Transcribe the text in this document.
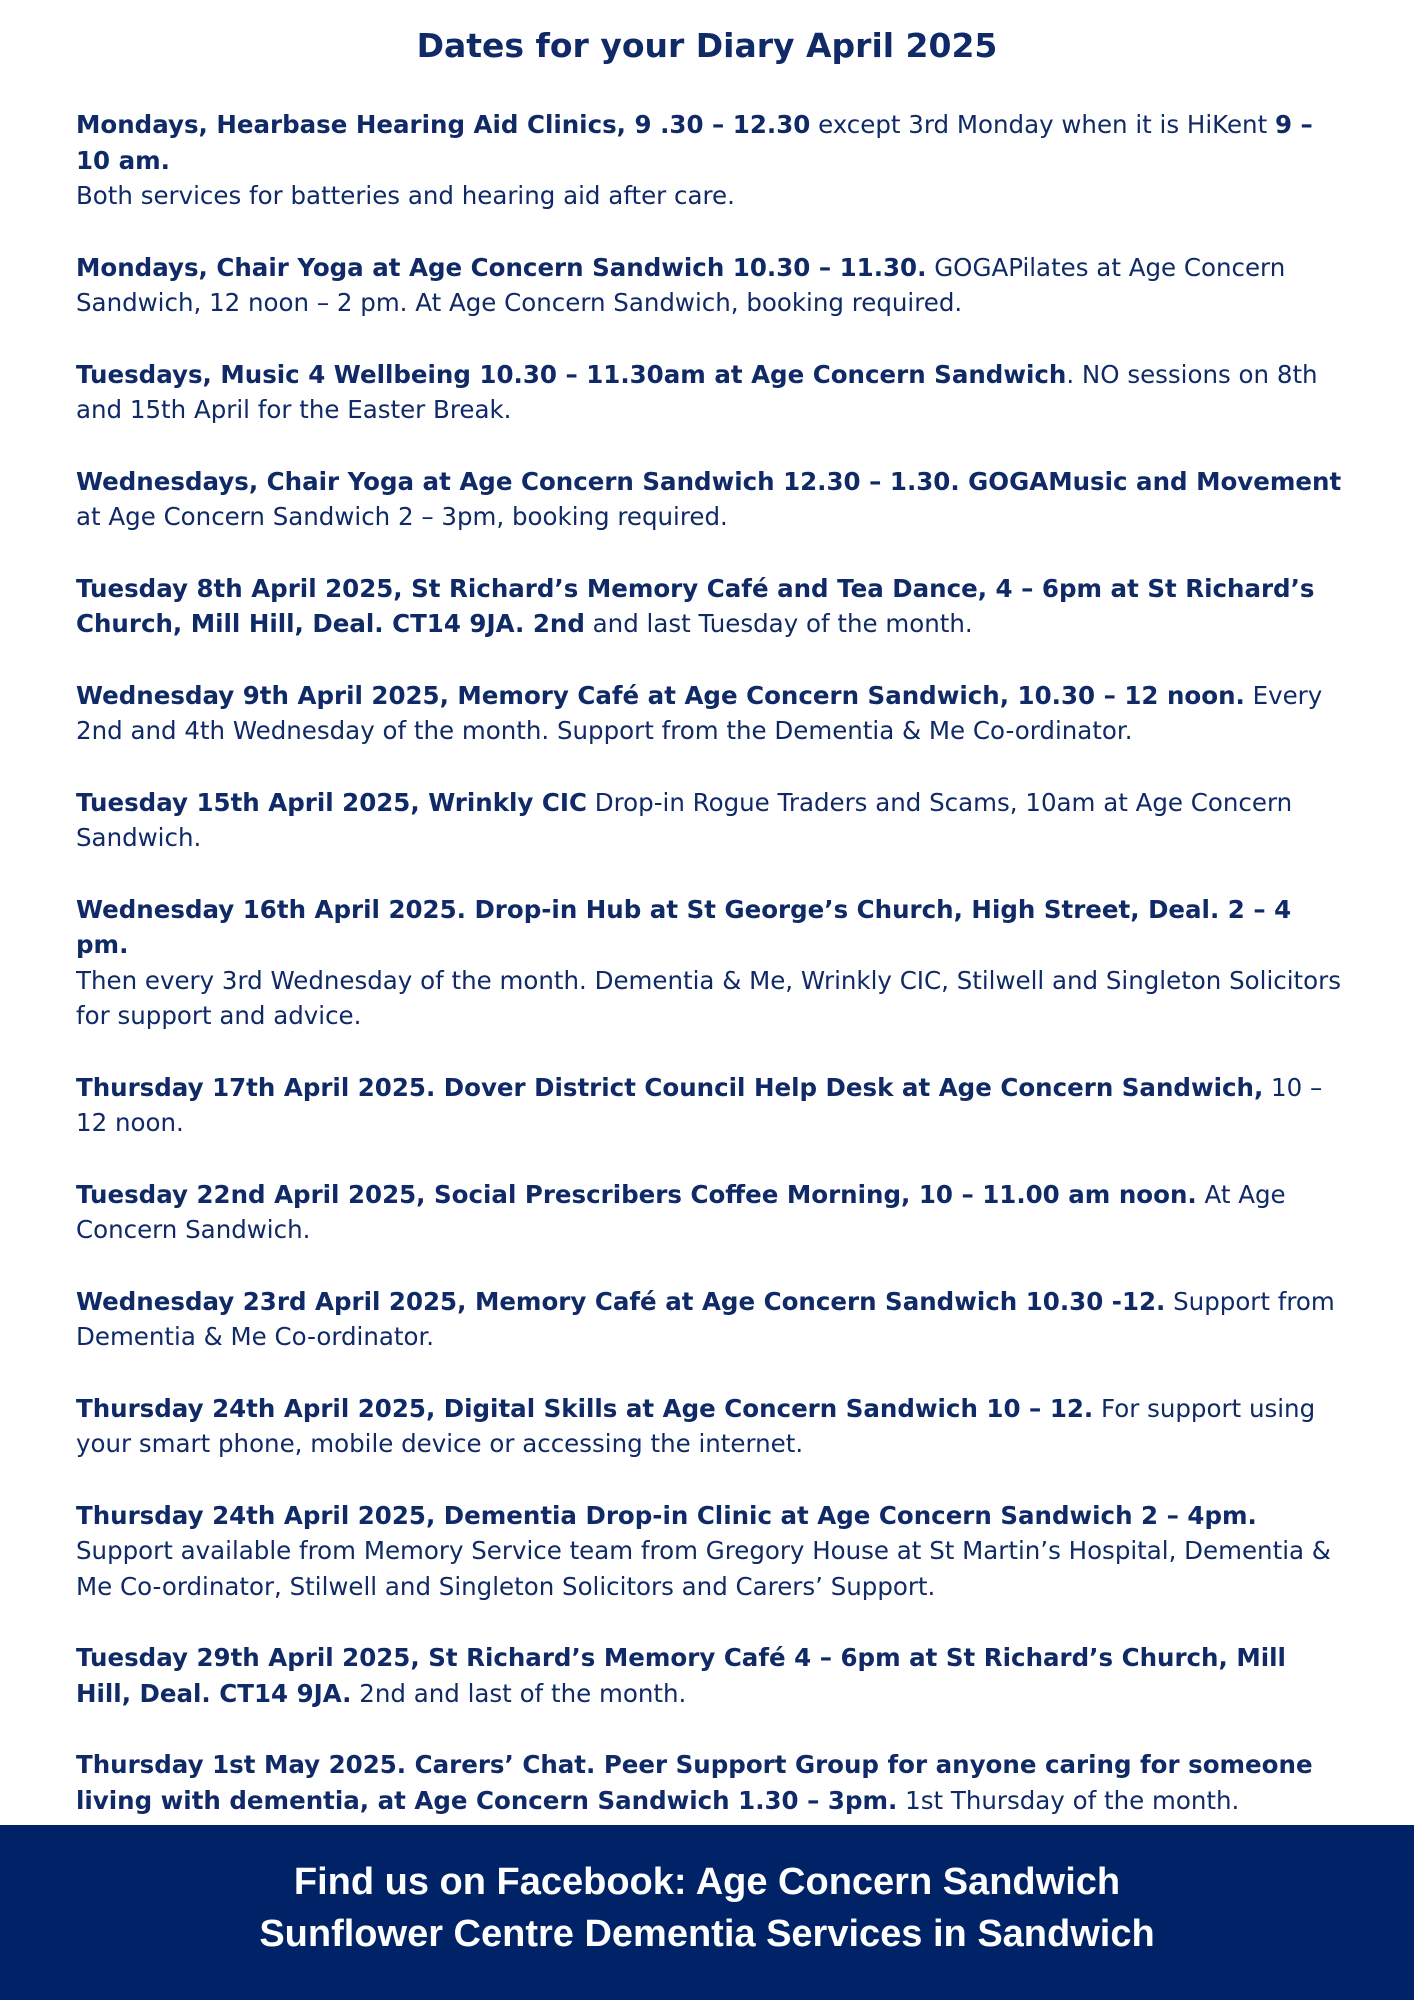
Dates for your Diary April 2025

Mondays, Hearbase Hearing Aid Clinics, 9 .30 – 12.30 except 3rd Monday when it is HiKent 9 – 10 am.
Both services for batteries and hearing aid after care.

Mondays, Chair Yoga at Age Concern Sandwich 10.30 – 11.30. GOGAPilates at Age Concern Sandwich, 12 noon – 2 pm. At Age Concern Sandwich, booking required.

Tuesdays, Music 4 Wellbeing 10.30 – 11.30am at Age Concern Sandwich. NO sessions on 8th and 15th April for the Easter Break.

Wednesdays, Chair Yoga at Age Concern Sandwich 12.30 – 1.30. GOGAMusic and Movement at Age Concern Sandwich 2 – 3pm, booking required.

Tuesday 8th April 2025, St Richard’s Memory Café and Tea Dance, 4 – 6pm at St Richard’s Church, Mill Hill, Deal. CT14 9JA. 2nd and last Tuesday of the month.

Wednesday 9th April 2025, Memory Café at Age Concern Sandwich, 10.30 – 12 noon. Every 2nd and 4th Wednesday of the month. Support from the Dementia & Me Co-ordinator.

Tuesday 15th April 2025, Wrinkly CIC Drop-in Rogue Traders and Scams, 10am at Age Concern Sandwich.

Wednesday 16th April 2025. Drop-in Hub at St George’s Church, High Street, Deal. 2 – 4 pm.
Then every 3rd Wednesday of the month. Dementia & Me, Wrinkly CIC, Stilwell and Singleton Solicitors for support and advice.

Thursday 17th April 2025. Dover District Council Help Desk at Age Concern Sandwich, 10 – 12 noon.

Tuesday 22nd April 2025, Social Prescribers Coffee Morning, 10 – 11.00 am noon. At Age Concern Sandwich.

Wednesday 23rd April 2025, Memory Café at Age Concern Sandwich 10.30 -12. Support from Dementia & Me Co-ordinator.

Thursday 24th April 2025, Digital Skills at Age Concern Sandwich 10 – 12. For support using your smart phone, mobile device or accessing the internet.

Thursday 24th April 2025, Dementia Drop-in Clinic at Age Concern Sandwich 2 – 4pm. Support available from Memory Service team from Gregory House at St Martin’s Hospital, Dementia & Me Co-ordinator, Stilwell and Singleton Solicitors and Carers’ Support.

Tuesday 29th April 2025, St Richard’s Memory Café 4 – 6pm at St Richard’s Church, Mill Hill, Deal. CT14 9JA. 2nd and last of the month.

Thursday 1st May 2025. Carers’ Chat. Peer Support Group for anyone caring for someone living with dementia, at Age Concern Sandwich 1.30 – 3pm. 1st Thursday of the month.

Find us on Facebook: Age Concern Sandwich
Sunflower Centre Dementia Services in Sandwich
